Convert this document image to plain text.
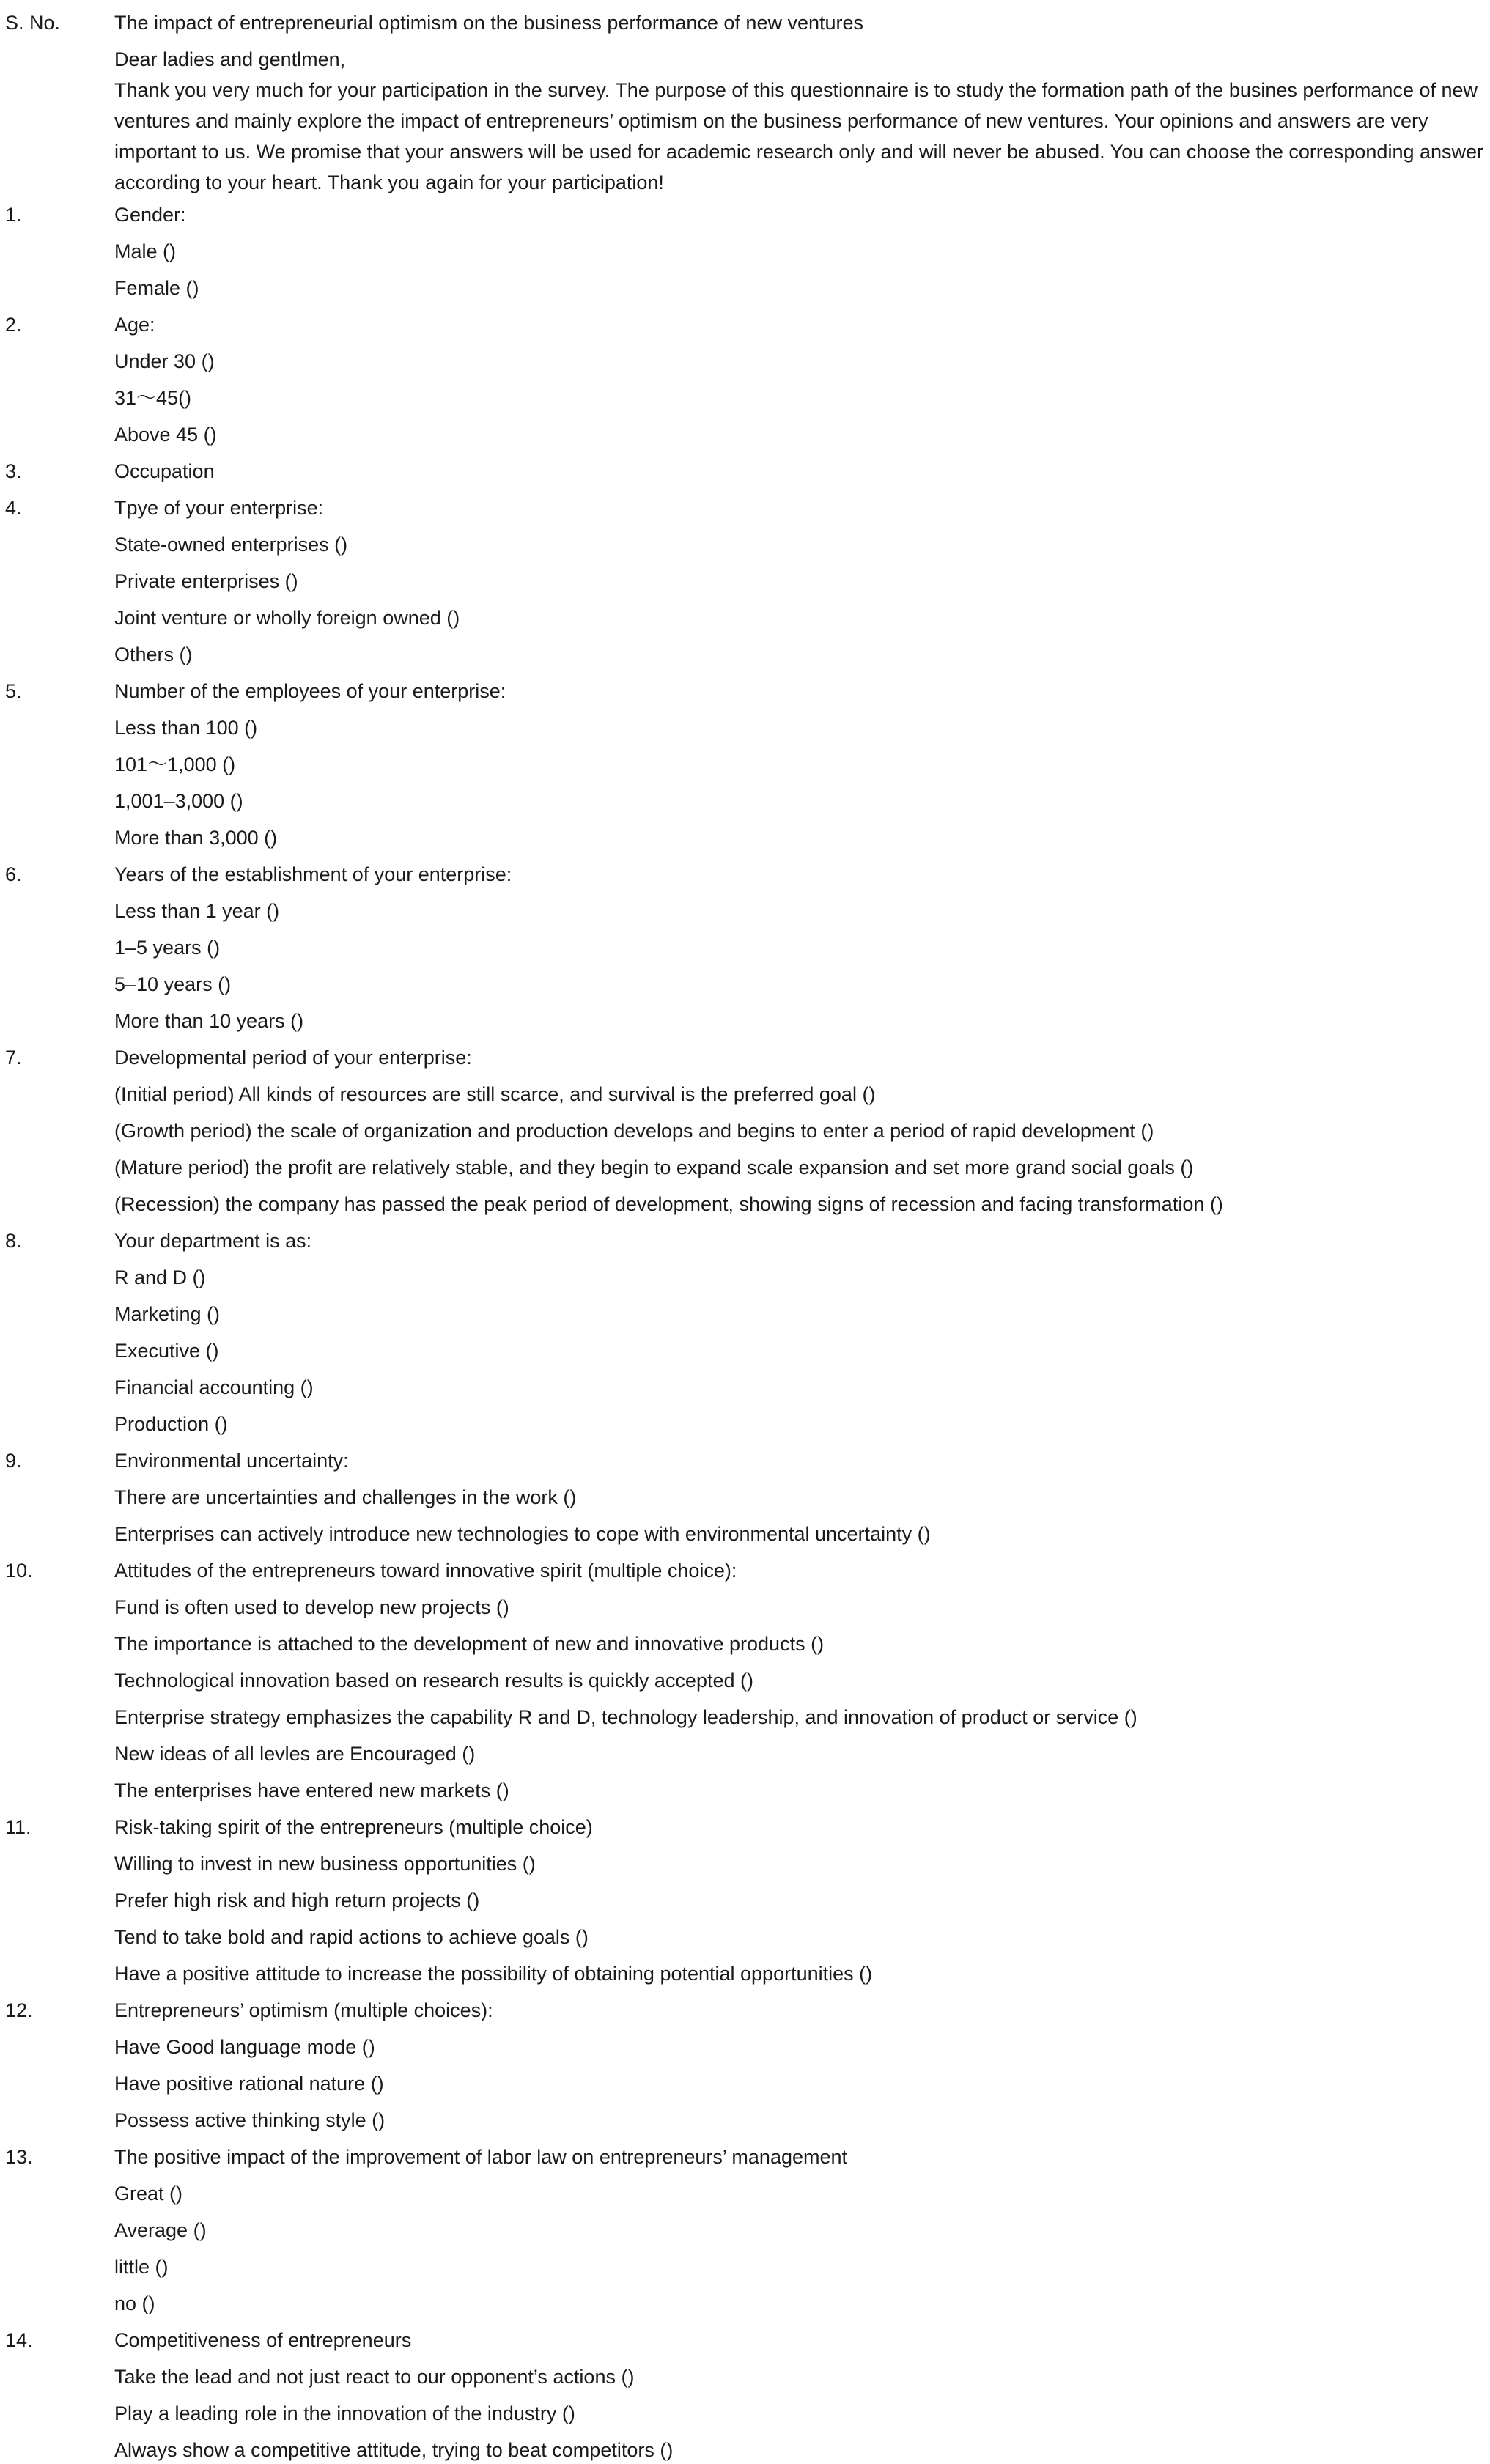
S. No.	The impact of entrepreneurial optimism on the business performance of new ventures
Dear ladies and gentlmen,
Thank you very much for your participation in the survey. The purpose of this questionnaire is to study the formation path of the busines performance of new ventures and mainly explore the impact of entrepreneurs’ optimism on the business performance of new ventures. Your opinions and answers are very important to us. We promise that your answers will be used for academic research only and will never be abused. You can choose the corresponding answer according to your heart. Thank you again for your participation!
1.	Gender:
Male ()
Female ()
2.	Age:
Under 30 ()
31～45()
Above 45 ()
3.	Occupation
4.	Tpye of your enterprise:
State-owned enterprises ()
Private enterprises ()
Joint venture or wholly foreign owned ()
Others ()
5.	Number of the employees of your enterprise:
Less than 100 ()
101～1,000 ()
1,001–3,000 ()
More than 3,000 ()
6.	Years of the establishment of your enterprise:
Less than 1 year ()
1–5 years ()
5–10 years ()
More than 10 years ()
7.	Developmental period of your enterprise:
(Initial period) All kinds of resources are still scarce, and survival is the preferred goal ()
(Growth period) the scale of organization and production develops and begins to enter a period of rapid development ()
(Mature period) the profit are relatively stable, and they begin to expand scale expansion and set more grand social goals ()
(Recession) the company has passed the peak period of development, showing signs of recession and facing transformation ()
8.	Your department is as:
R and D ()
Marketing ()
Executive ()
Financial accounting ()
Production ()
9.	Environmental uncertainty:
There are uncertainties and challenges in the work ()
Enterprises can actively introduce new technologies to cope with environmental uncertainty ()
10.	Attitudes of the entrepreneurs toward innovative spirit (multiple choice):
Fund is often used to develop new projects ()
The importance is attached to the development of new and innovative products ()
Technological innovation based on research results is quickly accepted ()
Enterprise strategy emphasizes the capability R and D, technology leadership, and innovation of product or service ()
New ideas of all levles are Encouraged ()
The enterprises have entered new markets ()
11.	Risk-taking spirit of the entrepreneurs (multiple choice)
Willing to invest in new business opportunities ()
Prefer high risk and high return projects ()
Tend to take bold and rapid actions to achieve goals ()
Have a positive attitude to increase the possibility of obtaining potential opportunities ()
12.	Entrepreneurs’ optimism (multiple choices):
Have Good language mode ()
Have positive rational nature ()
Possess active thinking style ()
13.	The positive impact of the improvement of labor law on entrepreneurs’ management
Great ()
Average ()
little ()
no ()
14.	Competitiveness of entrepreneurs
Take the lead and not just react to our opponent’s actions ()
Play a leading role in the innovation of the industry ()
Always show a competitive attitude, trying to beat competitors ()
